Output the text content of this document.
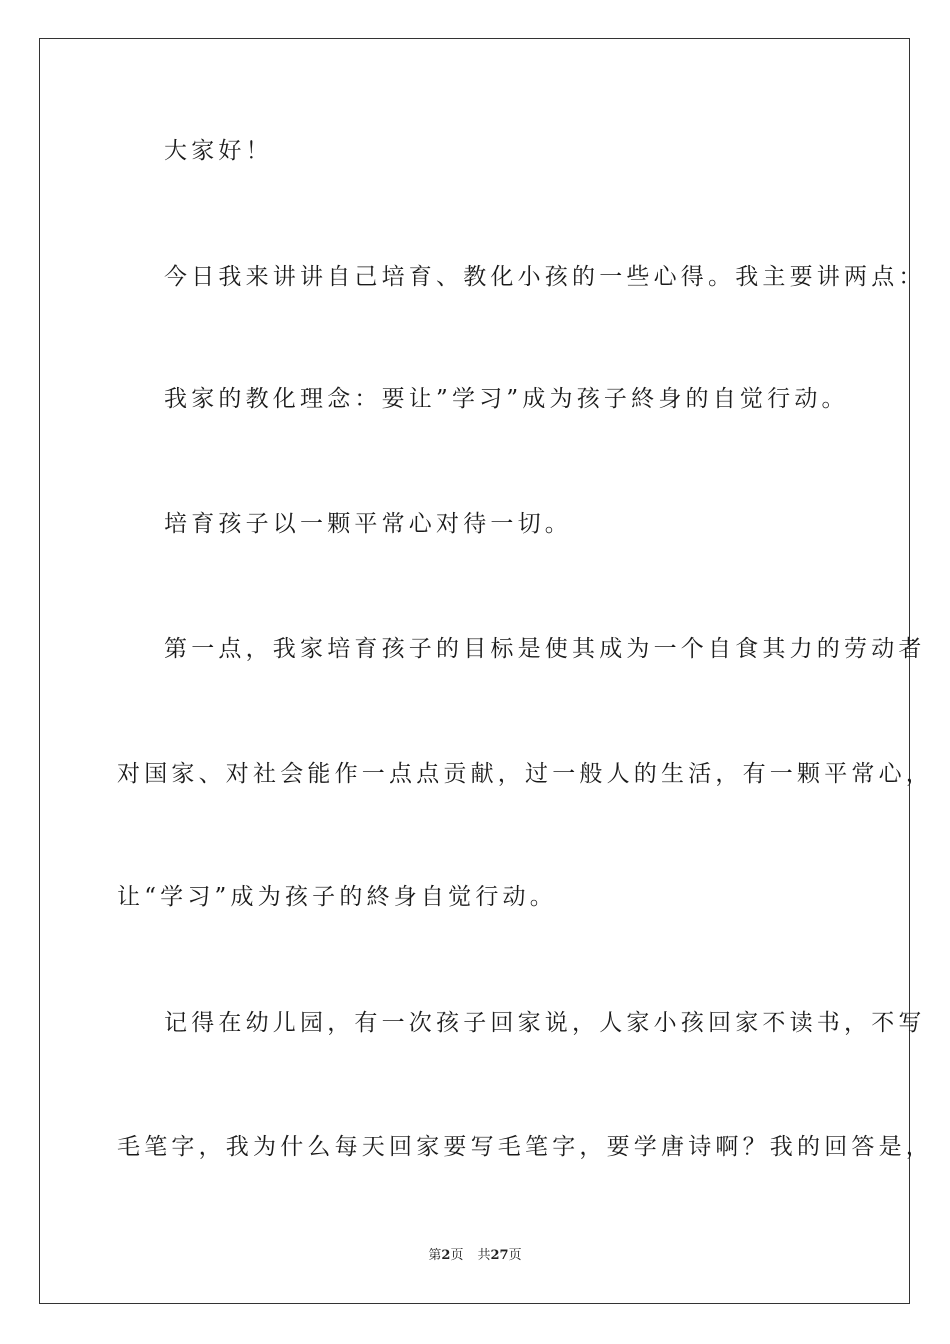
大家好！
今日我来讲讲自己培育、教化小孩的一些心得。我主要讲两点：
我家的教化理念：要让”学习”成为孩子終身的自觉行动。
培育孩子以一颗平常心对待一切。
第一点，我家培育孩子的目标是使其成为一个自食其力的劳动者
对国家、对社会能作一点点贡献，过一般人的生活，有一颗平常心，
让“学习”成为孩子的終身自觉行动。
记得在幼儿园，有一次孩子回家说，人家小孩回家不读书，不写
毛笔字，我为什么每天回家要写毛笔字，要学唐诗啊？我的回答是，
第2页 共27页
